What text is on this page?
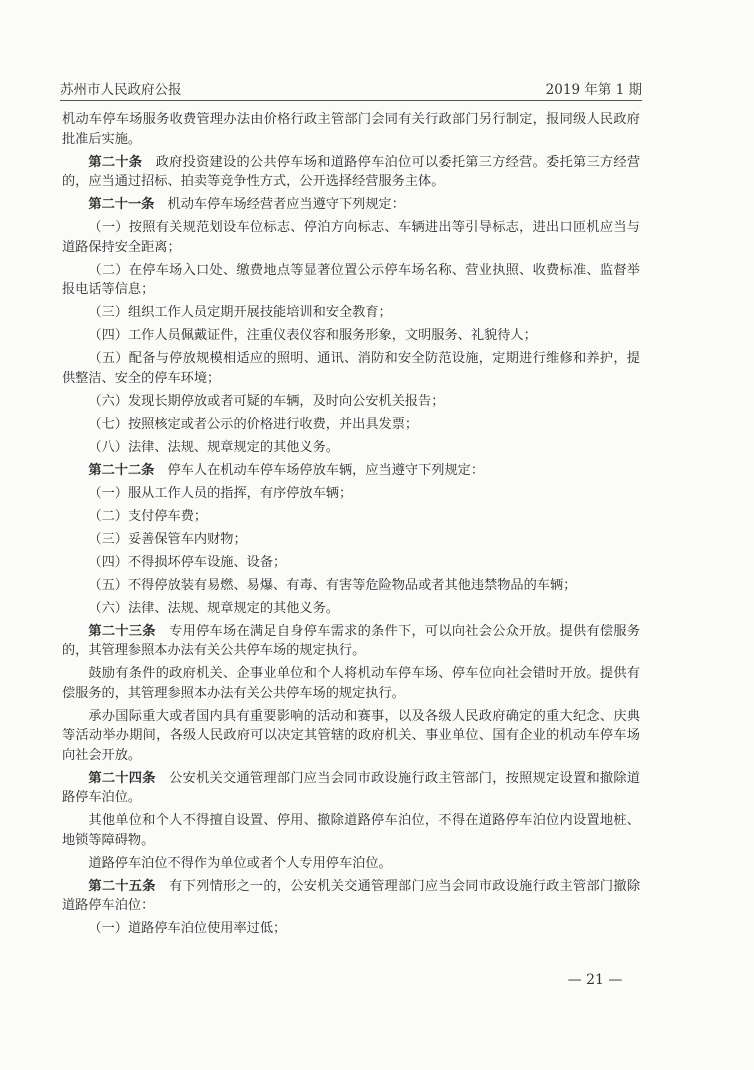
苏州市人民政府公报	2019 年第 1 期

机动车停车场服务收费管理办法由价格行政主管部门会同有关行政部门另行制定，报同级人民政府批准后实施。

第二十条　 政府投资建设的公共停车场和道路停车泊位可以委托第三方经营。委托第三方经营的，应当通过招标、拍卖等竞争性方式，公开选择经营服务主体。

第二十一条　 机动车停车场经营者应当遵守下列规定：

（一）按照有关规范划设车位标志、停泊方向标志、车辆进出等引导标志，进出口匝机应当与道路保持安全距离；

（二）在停车场入口处、缴费地点等显著位置公示停车场名称、营业执照、收费标准、监督举报电话等信息；

（三）组织工作人员定期开展技能培训和安全教育；

（四）工作人员佩戴证件，注重仪表仪容和服务形象，文明服务、礼貌待人；

（五）配备与停放规模相适应的照明、通讯、消防和安全防范设施，定期进行维修和养护，提供整洁、安全的停车环境；

（六）发现长期停放或者可疑的车辆，及时向公安机关报告；

（七）按照核定或者公示的价格进行收费，并出具发票；

（八）法律、法规、规章规定的其他义务。

第二十二条　 停车人在机动车停车场停放车辆，应当遵守下列规定：

（一）服从工作人员的指挥，有序停放车辆；

（二）支付停车费；

（三）妥善保管车内财物；

（四）不得损坏停车设施、设备；

（五）不得停放装有易燃、易爆、有毒、有害等危险物品或者其他违禁物品的车辆；

（六）法律、法规、规章规定的其他义务。

第二十三条　 专用停车场在满足自身停车需求的条件下，可以向社会公众开放。提供有偿服务的，其管理参照本办法有关公共停车场的规定执行。

鼓励有条件的政府机关、企事业单位和个人将机动车停车场、停车位向社会错时开放。提供有偿服务的，其管理参照本办法有关公共停车场的规定执行。

承办国际重大或者国内具有重要影响的活动和赛事，以及各级人民政府确定的重大纪念、庆典等活动举办期间，各级人民政府可以决定其管辖的政府机关、事业单位、国有企业的机动车停车场向社会开放。

第二十四条　 公安机关交通管理部门应当会同市政设施行政主管部门，按照规定设置和撤除道路停车泊位。

其他单位和个人不得擅自设置、停用、撤除道路停车泊位，不得在道路停车泊位内设置地桩、地锁等障碍物。

道路停车泊位不得作为单位或者个人专用停车泊位。

第二十五条　 有下列情形之一的，公安机关交通管理部门应当会同市政设施行政主管部门撤除道路停车泊位：

（一）道路停车泊位使用率过低；

— 21 —
